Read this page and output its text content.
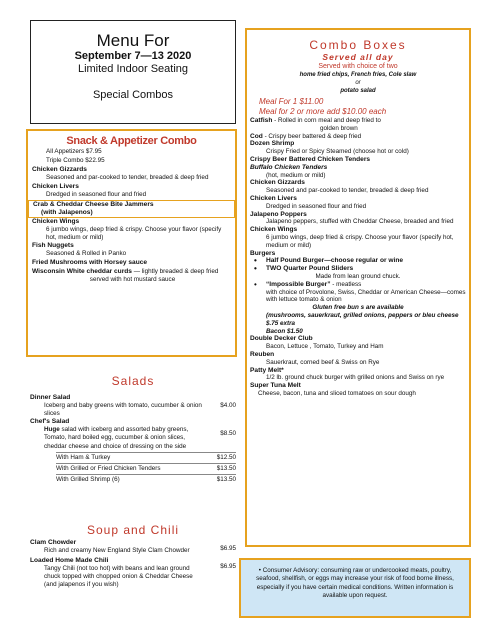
Menu For
September 7—13 2020
Limited Indoor Seating
Special Combos
Snack & Appetizer Combo
All Appetizers $7.95
Triple Combo $22.95
Chicken Gizzards
Seasoned and par-cooked to tender, breaded & deep fried
Chicken Livers
Dredged in seasoned flour and fried
Crab & Cheddar Cheese Bite Jammers
(with Jalapenos)
Chicken Wings
6 jumbo wings, deep fried & crispy. Choose your flavor (specify hot, medium or mild)
Fish Nuggets
Seasoned & Rolled in Panko
Fried Mushrooms with Horsey sauce
Wisconsin White cheddar curds — lightly breaded & deep fried
served with hot mustard sauce
Salads
Dinner Salad
$4.00
Iceberg and baby greens with tomato, cucumber & onion slices
Chef's Salad
$8.50
Huge salad with iceberg and assorted baby greens, Tomato, hard boiled egg, cucumber & onion slices, cheddar cheese and choice of dressing on the side
With Ham & Turkey	$12.50
With Grilled or Fried Chicken Tenders	$13.50
With Grilled Shrimp (6)	$13.50
Soup and Chili
Clam Chowder
$6.95
Rich and creamy New England Style Clam Chowder
Loaded Home Made Chili
$6.95
Tangy Chili (not too hot) with beans and lean ground chuck topped with chopped onion & Cheddar Cheese (and jalapenos if you wish)
Combo Boxes
Served all day
Served with choice of two
home fried chips, French fries, Cole slaw
or
potato salad
Meal For 1 $11.00
Meal for 2 or more add $10.00 each
Catfish - Rolled in corn meal and deep fried to
golden brown
Cod - Crispy beer battered & deep fried
Dozen Shrimp
Crispy Fried or Spicy Steamed (choose hot or cold)
Crispy Beer Battered Chicken Tenders
Buffalo Chicken Tenders
(hot, medium or mild)
Chicken Gizzards
Seasoned and par-cooked to tender, breaded & deep fried
Chicken Livers
Dredged in seasoned flour and fried
Jalapeno Poppers
Jalapeno peppers, stuffed with Cheddar Cheese, breaded and fried
Chicken Wings
6 jumbo wings, deep fried & crispy. Choose your flavor (specify hot, medium or mild)
Burgers
• Half Pound Burger—choose regular or wine
• TWO Quarter Pound Sliders
Made from lean ground chuck.
• “Impossible Burger” - meatless
with choice of Provolone, Swiss, Cheddar or American Cheese—comes with lettuce tomato & onion
Gluten free bun s are available
(mushrooms, sauerkraut, grilled onions, peppers or bleu cheese $.75 extra
Bacon $1.50
Double Decker Club
Bacon, Lettuce , Tomato, Turkey and Ham
Reuben
Sauerkraut, corned beef & Swiss on Rye
Patty Melt*
1/2 lb. ground chuck burger with grilled onions and Swiss on rye
Super Tuna Melt
Cheese, bacon, tuna and sliced tomatoes on sour dough
• Consumer Advisory: consuming raw or undercooked meats, poultry, seafood, shellfish, or eggs may increase your risk of food borne illness, especially if you have certain medical conditions. Written information is available upon request.
